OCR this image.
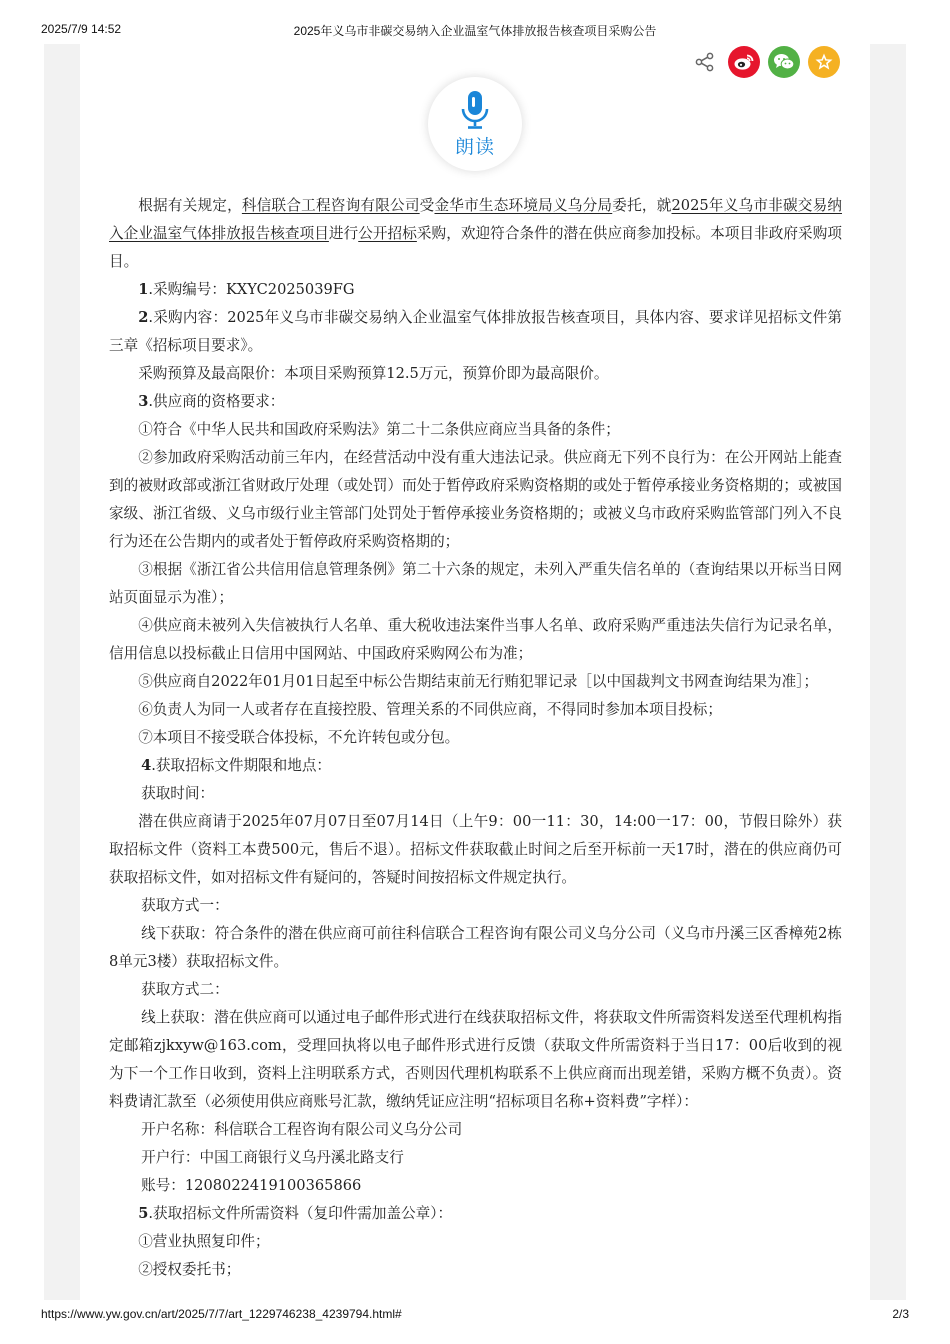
2025/7/9 14:52	2025年义乌市非碳交易纳入企业温室气体排放报告核查项目采购公告
朗读

根据有关规定，科信联合工程咨询有限公司受金华市生态环境局义乌分局委托，就2025年义乌市非碳交易纳入企业温室气体排放报告核查项目进行公开招标采购，欢迎符合条件的潜在供应商参加投标。本项目非政府采购项目。

1.采购编号：KXYC2025039FG

2.采购内容：2025年义乌市非碳交易纳入企业温室气体排放报告核查项目，具体内容、要求详见招标文件第三章《招标项目要求》。

采购预算及最高限价：本项目采购预算12.5万元，预算价即为最高限价。

3.供应商的资格要求：

①符合《中华人民共和国政府采购法》第二十二条供应商应当具备的条件；

②参加政府采购活动前三年内，在经营活动中没有重大违法记录。供应商无下列不良行为：在公开网站上能查到的被财政部或浙江省财政厅处理（或处罚）而处于暂停政府采购资格期的或处于暂停承接业务资格期的；或被国家级、浙江省级、义乌市级行业主管部门处罚处于暂停承接业务资格期的；或被义乌市政府采购监管部门列入不良行为还在公告期内的或者处于暂停政府采购资格期的；

③根据《浙江省公共信用信息管理条例》第二十六条的规定，未列入严重失信名单的（查询结果以开标当日网站页面显示为准）；

④供应商未被列入失信被执行人名单、重大税收违法案件当事人名单、政府采购严重违法失信行为记录名单，信用信息以投标截止日信用中国网站、中国政府采购网公布为准；

⑤供应商自2022年01月01日起至中标公告期结束前无行贿犯罪记录［以中国裁判文书网查询结果为准］；

⑥负责人为同一人或者存在直接控股、管理关系的不同供应商，不得同时参加本项目投标；

⑦本项目不接受联合体投标，不允许转包或分包。

4.获取招标文件期限和地点：

获取时间：

潜在供应商请于2025年07月07日至07月14日（上午9：00一11：30，14:00一17：00，节假日除外）获取招标文件（资料工本费500元，售后不退）。招标文件获取截止时间之后至开标前一天17时，潜在的供应商仍可获取招标文件，如对招标文件有疑问的，答疑时间按招标文件规定执行。

获取方式一：

线下获取：符合条件的潜在供应商可前往科信联合工程咨询有限公司义乌分公司（义乌市丹溪三区香樟苑2栋8单元3楼）获取招标文件。

获取方式二：

线上获取：潜在供应商可以通过电子邮件形式进行在线获取招标文件，将获取文件所需资料发送至代理机构指定邮箱zjkxyw@163.com，受理回执将以电子邮件形式进行反馈（获取文件所需资料于当日17：00后收到的视为下一个工作日收到，资料上注明联系方式，否则因代理机构联系不上供应商而出现差错，采购方概不负责）。资料费请汇款至（必须使用供应商账号汇款，缴纳凭证应注明“招标项目名称+资料费”字样）：

开户名称：科信联合工程咨询有限公司义乌分公司

开户行：中国工商银行义乌丹溪北路支行

账号：1208022419100365866

5.获取招标文件所需资料（复印件需加盖公章）：

①营业执照复印件；

②授权委托书；

https://www.yw.gov.cn/art/2025/7/7/art_1229746238_4239794.html#	2/3
